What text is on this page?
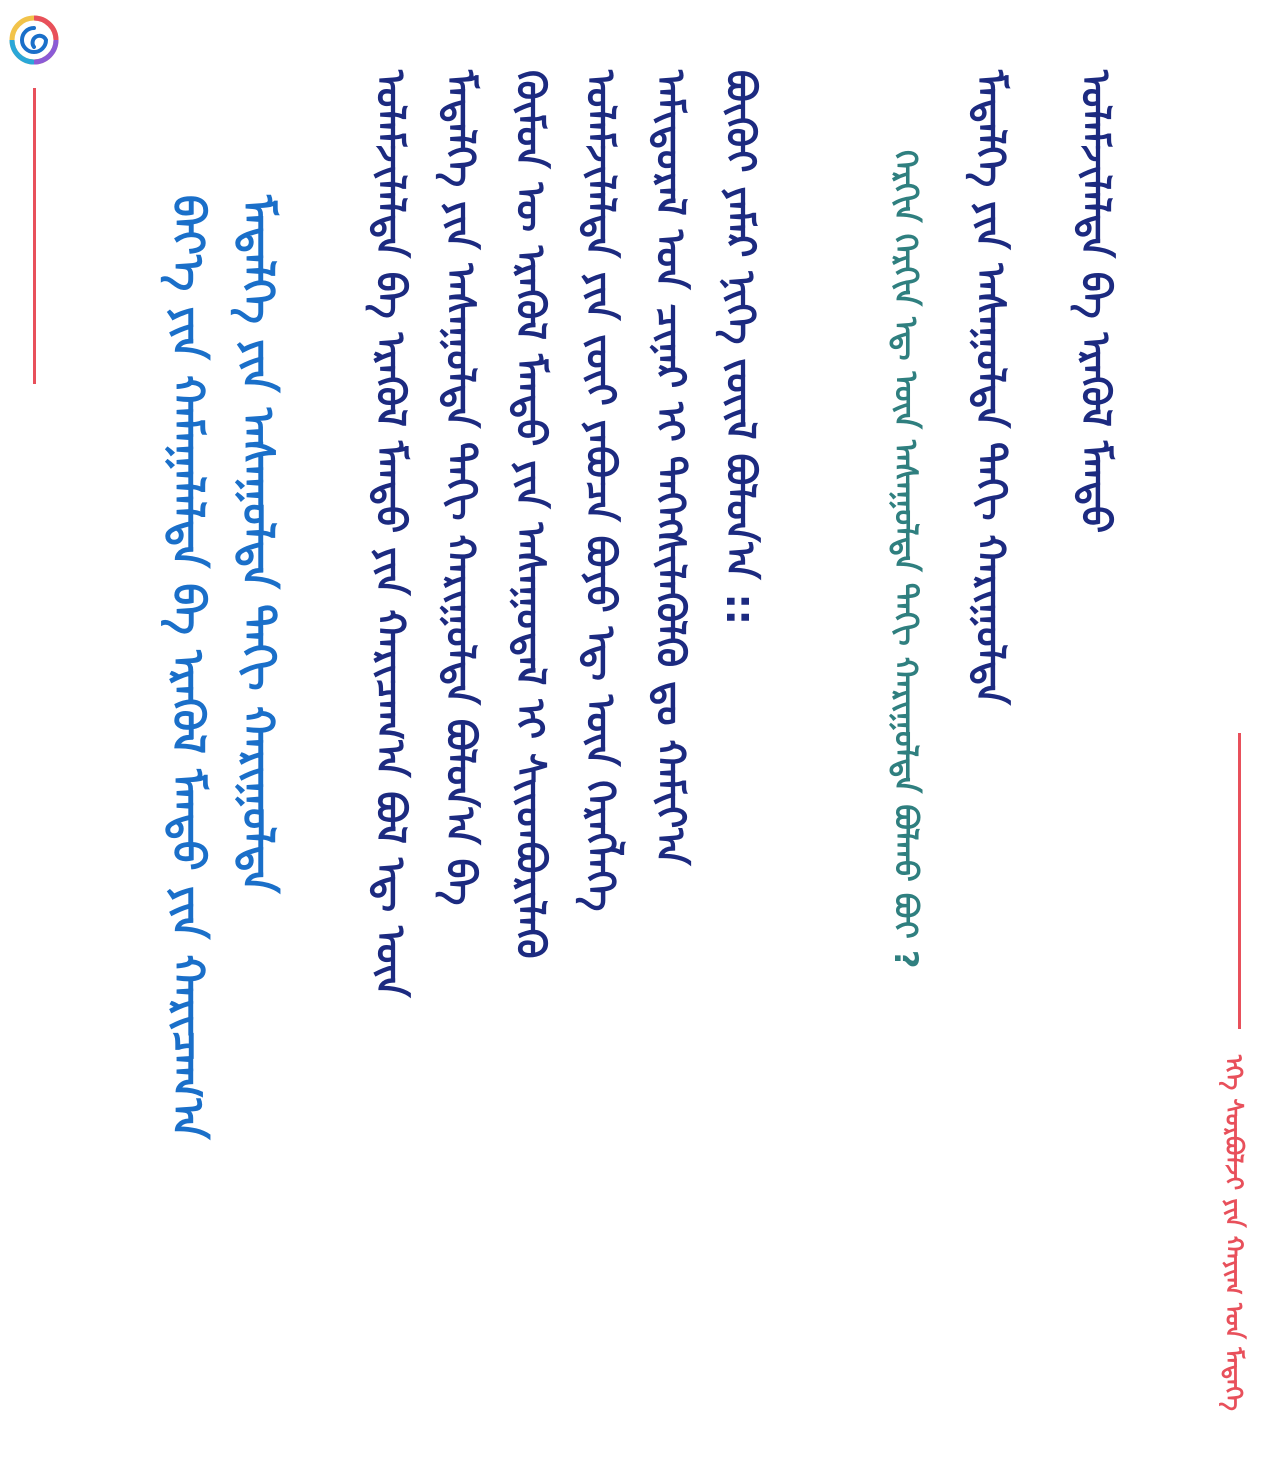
ᠪᠡᠶ᠎ᠡ ᠶᠢᠨ ᠬᠠᠮᠠᠭᠠᠯᠠᠯᠲᠠ ᠪᠠ ᠡᠷᠡᠭᠦᠯ ᠮᠡᠨᠳᠦ ᠶᠢᠨ ᠬᠠᠷᠢᠴᠠᠭ᠎ᠠ ᠮᠡᠳᠡᠯᠭᠡ ᠶᠢᠨ ᠠᠰᠠᠭᠤᠯᠲᠠ ᠳᠠᠬᠢ ᠬᠠᠷᠢᠭᠤᠯᠲᠠ	ᠤᠯᠠᠮᠵᠢᠯᠠᠯᠲᠠ ᠪᠠ ᠡᠷᠡᠭᠦᠯ ᠮᠡᠨᠳᠦ ᠶᠢᠨ ᠬᠠᠷᠢᠴᠠᠭ᠎ᠠ ᠪᠤᠯ ᠡᠳ᠋ ᠦᠨ ᠮᠡᠳᠡᠯᠭᠡ ᠶᠢᠨ ᠠᠰᠠᠭᠤᠯᠲᠠ ᠳᠠᠬᠢ ᠬᠠᠷᠢᠭᠤᠯᠲᠠ ᠪᠣᠯᠤᠨ᠎ᠠ ᠪᠠ ᠬᠦᠮᠦᠨ ᠦ ᠡᠷᠡᠭᠦᠯ ᠮᠡᠨᠳᠦ ᠶᠢᠨ ᠠᠰᠠᠭᠤᠳᠠᠯ ᠢ ᠰᠢᠢᠳᠪᠦᠷᠢᠯᠡᠬᠦ ᠤᠯᠠᠮᠵᠢᠯᠠᠯᠲᠠ ᠶᠢᠨ ᠵᠦᠢ ᠶᠠᠪᠤᠴᠠ ᠪᠤᠶᠤ ᠡᠳ᠋ ᠦᠨ ᠬᠡᠷᠡᠭᠯᠡᠭᠡ ᠠᠮᠢᠳᠤᠷᠠᠯ ᠤᠨ ᠴᠢᠨᠠᠷ ᠢ ᠳᠡᠭᠡᠭᠰᠢᠯᠡᠭᠦᠯᠬᠦ ᠳᠤ ᠬᠠᠮᠢᠶ᠎ᠠ ᠪᠦᠬᠦᠢ ᠶᠠᠮᠠᠷ ᠨᠢᠭᠡ ᠵᠦᠢᠯ ᠪᠣᠯᠤᠨ᠎ᠠ ::	ᠬᠡᠷᠬᠢᠨ ᠬᠡᠷᠬᠢᠨ ᠡᠳ᠋ ᠦᠨ ᠠᠰᠠᠭᠤᠯᠲᠠ ᠳᠠᠬᠢ ᠬᠠᠷᠢᠭᠤᠯᠲᠠ ᠪᠣᠯᠬᠤ ᠪᠤᠢ ?	ᠮᠡᠳᠡᠯᠭᠡ ᠶᠢᠨ ᠠᠰᠠᠭᠤᠯᠲᠠ ᠳᠠᠬᠢ ᠬᠠᠷᠢᠭᠤᠯᠲᠠ	ᠤᠯᠠᠮᠵᠢᠯᠠᠯᠲᠠ ᠪᠠ ᠡᠷᠡᠭᠦᠯ ᠮᠡᠨᠳᠦ
ᠡᠬᠡ ᠰᠤᠷᠪᠤᠯᠵᠢ ᠶᠢᠨ ᠬᠠᠶᠢᠭ ᠤᠨ ᠮᠡᠳᠡᠭᠡ
